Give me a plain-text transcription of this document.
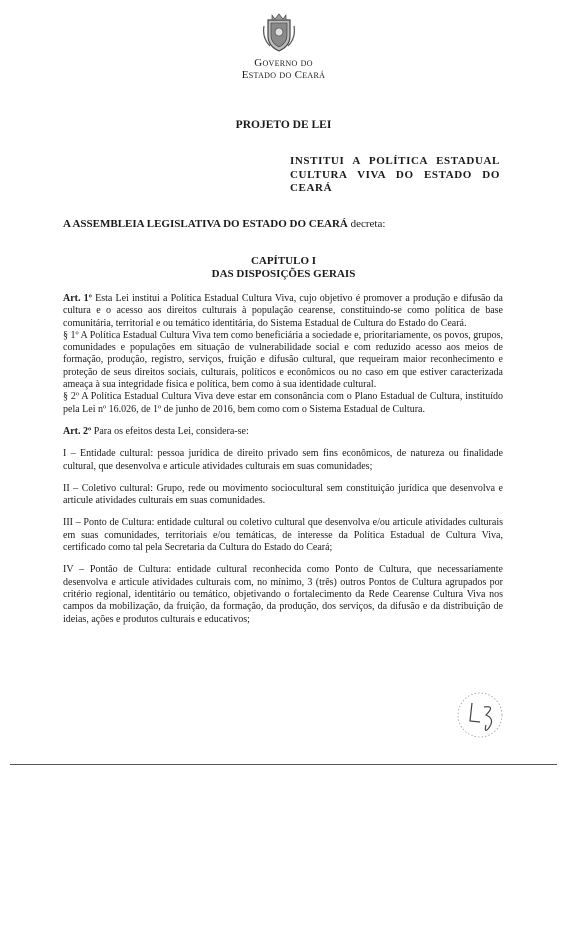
Governo do
Estado do Ceará
PROJETO DE LEI
INSTITUI A POLÍTICA ESTADUAL CULTURA VIVA DO ESTADO DO CEARÁ
A ASSEMBLEIA LEGISLATIVA DO ESTADO DO CEARÁ decreta:
CAPÍTULO I
DAS DISPOSIÇÕES GERAIS

Art. 1º Esta Lei institui a Política Estadual Cultura Viva, cujo objetivo é promover a produção e difusão da cultura e o acesso aos direitos culturais à população cearense, constituindo-se como política de base comunitária, territorial e ou temático identitária, do Sistema Estadual de Cultura do Estado do Ceará.

§ 1º A Política Estadual Cultura Viva tem como beneficiária a sociedade e, prioritariamente, os povos, grupos, comunidades e populações em situação de vulnerabilidade social e com reduzido acesso aos meios de formação, produção, registro, serviços, fruição e difusão cultural, que requeiram maior reconhecimento e proteção de seus direitos sociais, culturais, políticos e econômicos ou no caso em que estiver caracterizada ameaça à sua integridade física e política, bem como à sua identidade cultural.

§ 2º A Política Estadual Cultura Viva deve estar em consonância com o Plano Estadual de Cultura, instituído pela Lei nº 16.026, de 1º de junho de 2016, bem como com o Sistema Estadual de Cultura.

Art. 2º Para os efeitos desta Lei, considera-se:

I – Entidade cultural: pessoa jurídica de direito privado sem fins econômicos, de natureza ou finalidade cultural, que desenvolva e articule atividades culturais em suas comunidades;

II – Coletivo cultural: Grupo, rede ou movimento sociocultural sem constituição jurídica que desenvolva e articule atividades culturais em suas comunidades.

III – Ponto de Cultura: entidade cultural ou coletivo cultural que desenvolva e/ou articule atividades culturais em suas comunidades, territoriais e/ou temáticas, de interesse da Política Estadual de Cultura Viva, certificado como tal pela Secretaria da Cultura do Estado do Ceará;

IV – Pontão de Cultura: entidade cultural reconhecida como Ponto de Cultura, que necessariamente desenvolva e articule atividades culturais com, no mínimo, 3 (três) outros Pontos de Cultura agrupados por critério regional, identitário ou temático, objetivando o fortalecimento da Rede Cearense Cultura Viva nos campos da mobilização, da fruição, da formação, da produção, dos serviços, da difusão e da distribuição de ideias, ações e produtos culturais e educativos;
